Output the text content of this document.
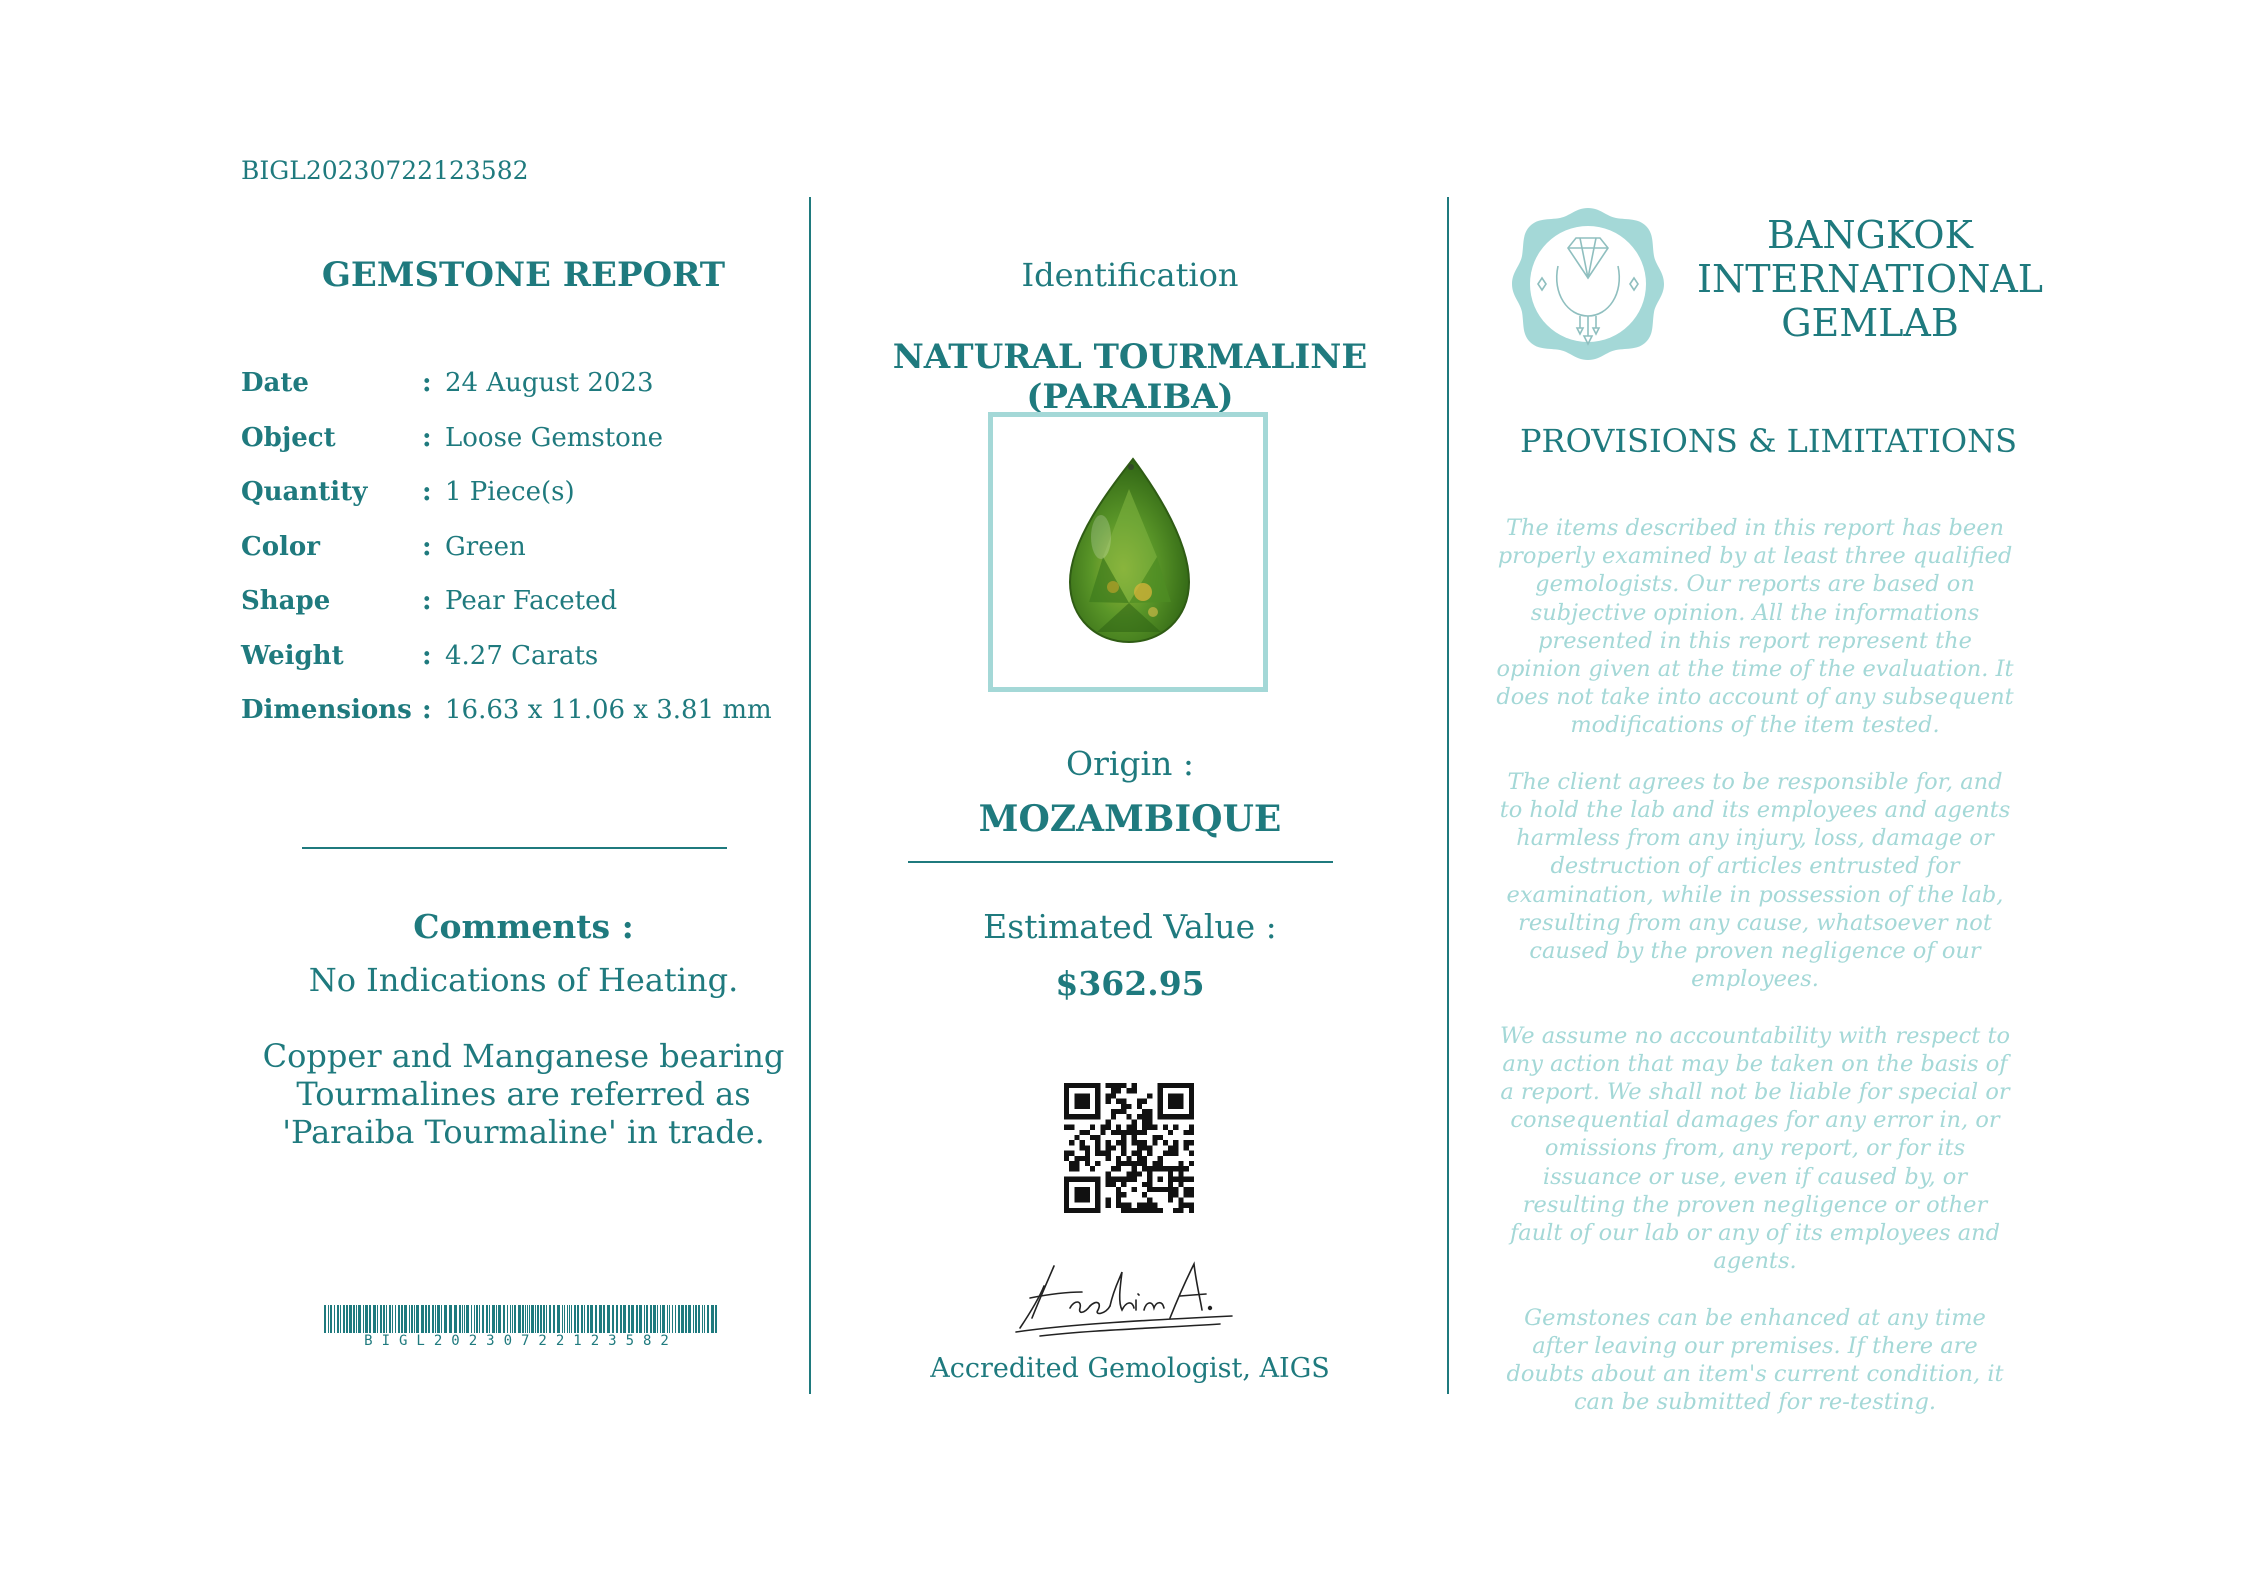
BIGL20230722123582
GEMSTONE REPORT
Date	: 24 August 2023
Object	: Loose Gemstone
Quantity : 1 Piece(s)
Color	: Green
Shape	: Pear Faceted
Weight	: 4.27 Carats
Dimensions : 16.63 x 11.06 x 3.81 mm
Comments :
No Indications of Heating.
Copper and Manganese bearing Tourmalines are referred as 'Paraiba Tourmaline' in trade.
BIGL20230722123582
Identification
NATURAL TOURMALINE (PARAIBA)
Origin :
MOZAMBIQUE
Estimated Value :
$362.95
Accredited Gemologist, AIGS
BANGKOK
INTERNATIONAL
GEMLAB
PROVISIONS & LIMITATIONS

The items described in this report has been properly examined by at least three qualified gemologists. Our reports are based on subjective opinion. All the informations presented in this report represent the opinion given at the time of the evaluation. It does not take into account of any subsequent modifications of the item tested.

The client agrees to be responsible for, and to hold the lab and its employees and agents harmless from any injury, loss, damage or destruction of articles entrusted for examination, while in possession of the lab, resulting from any cause, whatsoever not caused by the proven negligence of our employees.

We assume no accountability with respect to any action that may be taken on the basis of a report. We shall not be liable for special or consequential damages for any error in, or omissions from, any report, or for its issuance or use, even if caused by, or resulting the proven negligence or other fault of our lab or any of its employees and agents.

Gemstones can be enhanced at any time after leaving our premises. If there are doubts about an item's current condition, it can be submitted for re-testing.
